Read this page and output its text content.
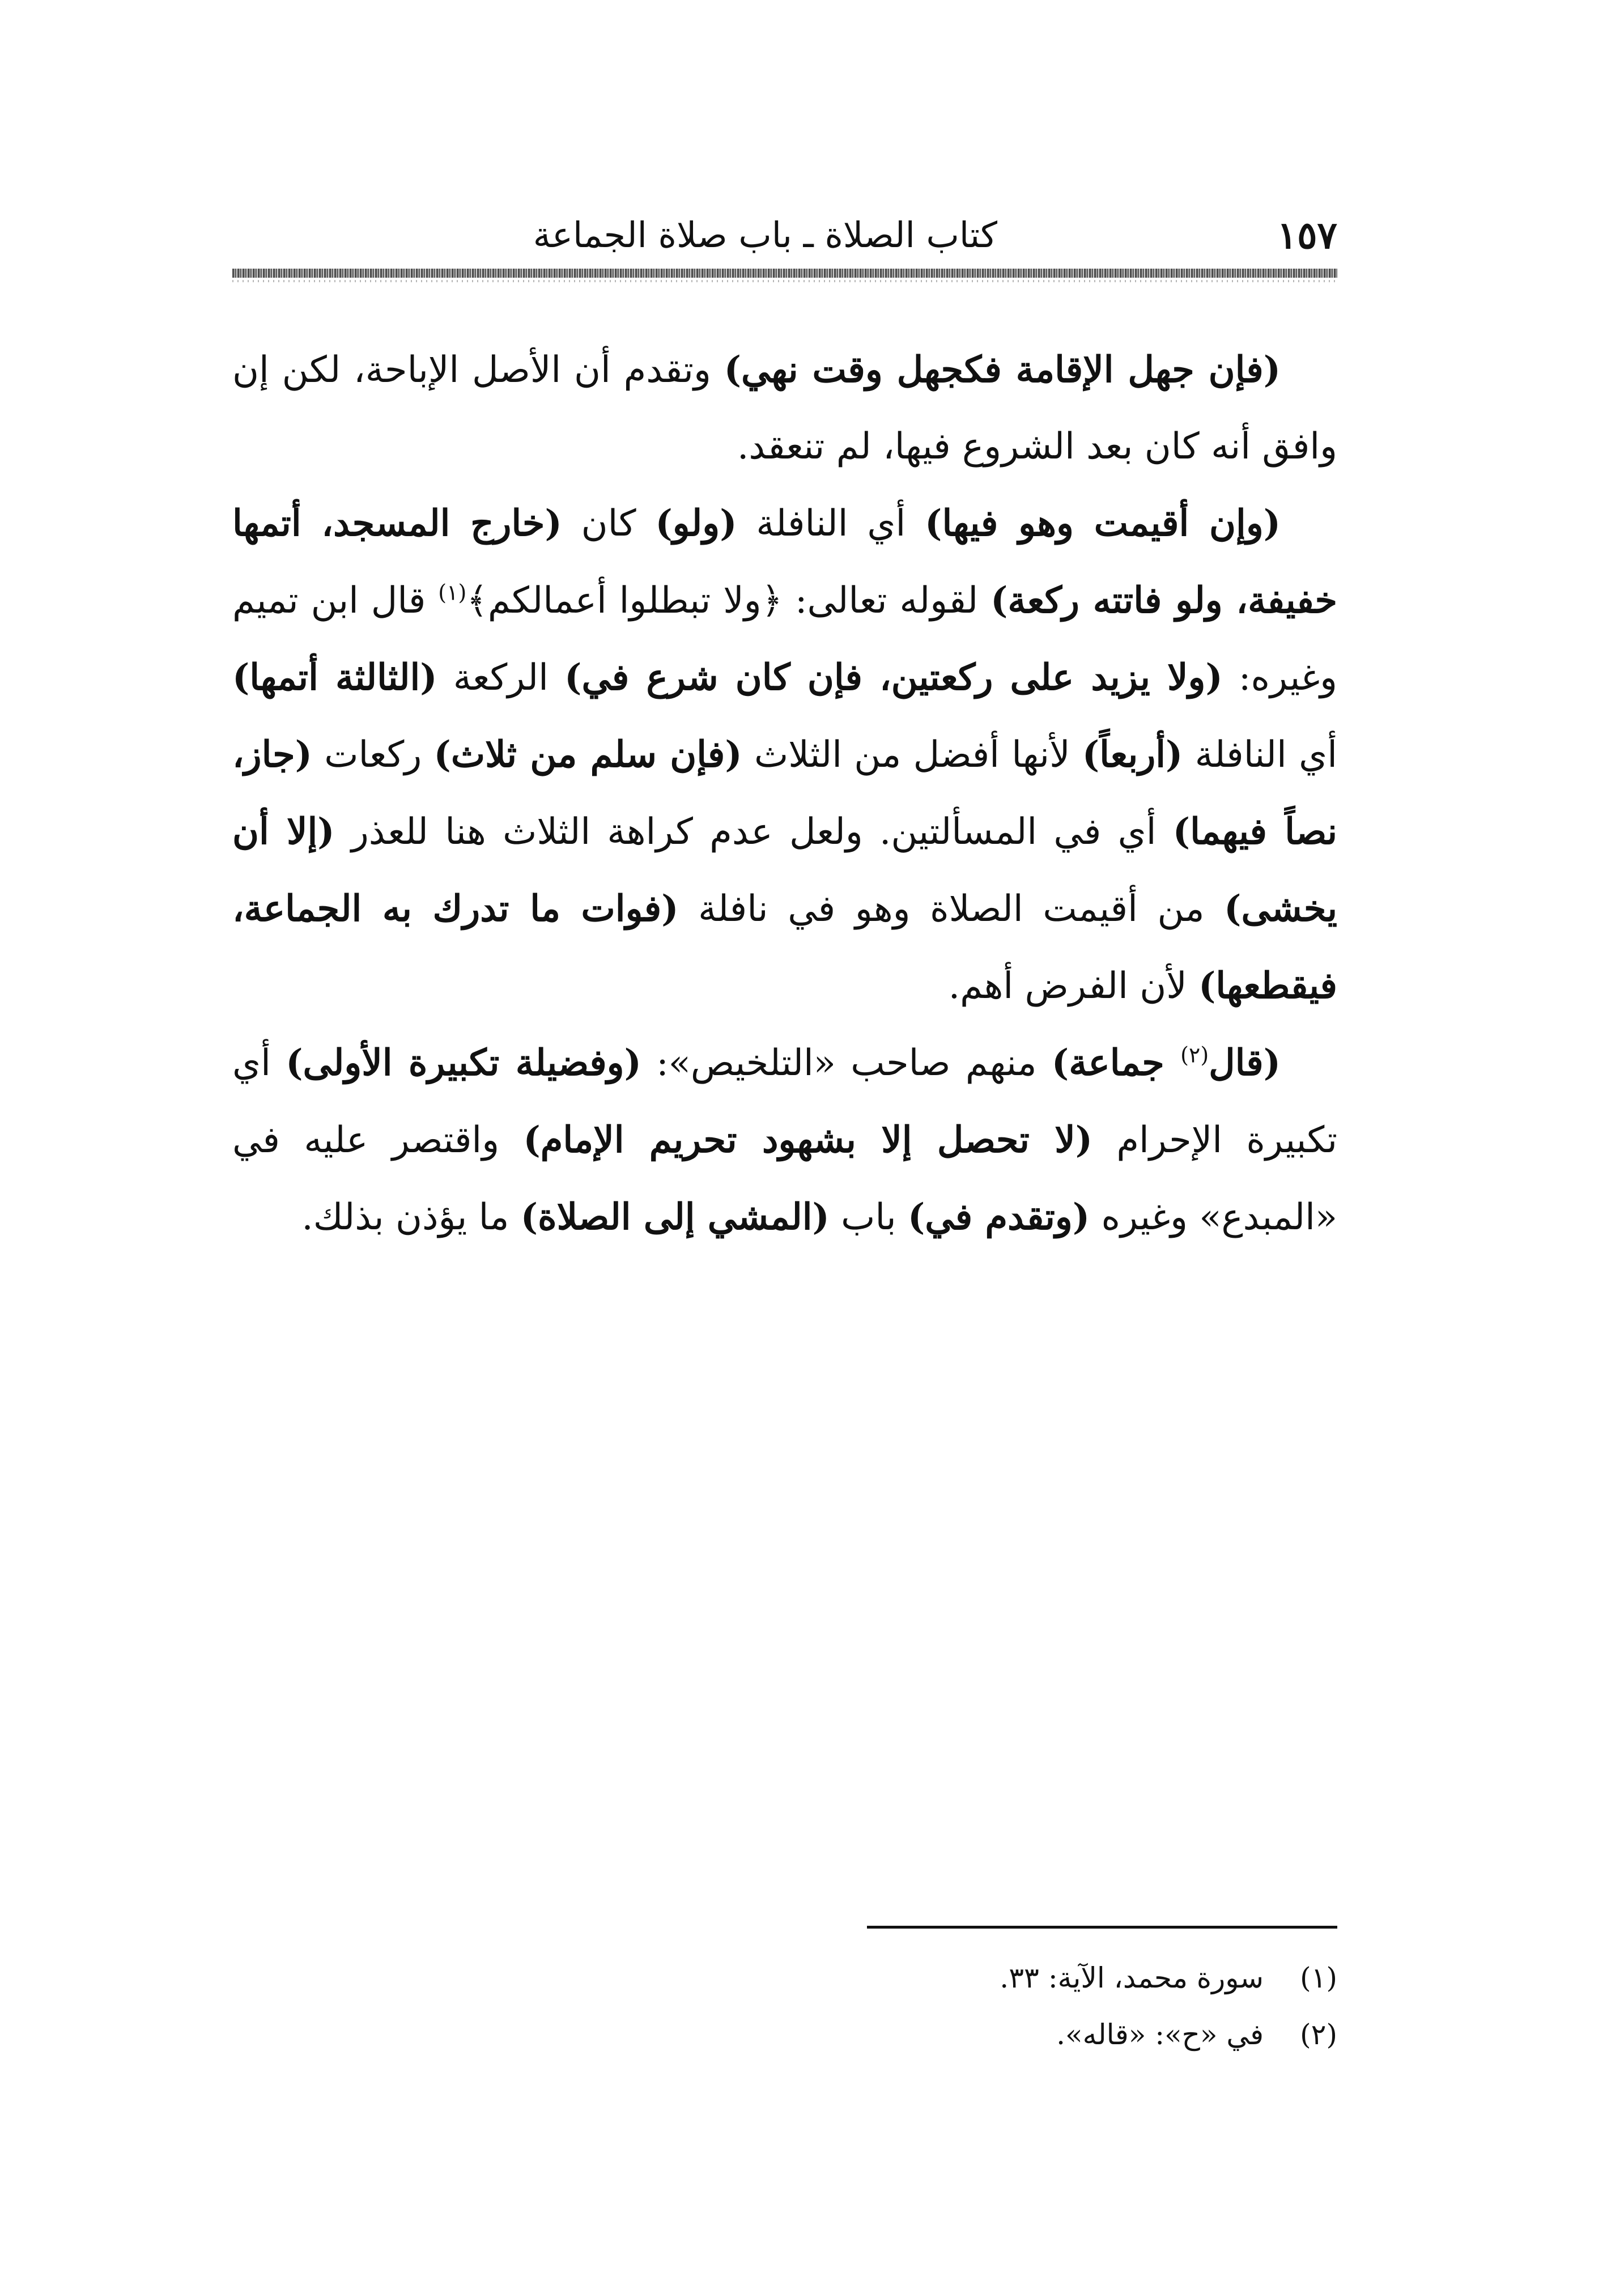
كتاب الصلاة ـ باب صلاة الجماعة	١٥٧

(فإن جهل الإقامة فكجهل وقت نهي) وتقدم أن الأصل الإباحة، لكن إن وافق أنه كان بعد الشروع فيها، لم تنعقد.

(وإن أقيمت وهو فيها) أي النافلة (ولو) كان (خارج المسجد، أتمها خفيفة، ولو فاتته ركعة) لقوله تعالى: ﴿ولا تبطلوا أعمالكم﴾$^{(١)}$ قال ابن تميم وغيره: (ولا يزيد على ركعتين، فإن كان شرع في) الركعة (الثالثة أتمها) أي النافلة (أربعاً) لأنها أفضل من الثلاث (فإن سلم من ثلاث) ركعات (جاز، نصاً فيهما) أي في المسألتين. ولعل عدم كراهة الثلاث هنا للعذر (إلا أن يخشى) من أقيمت الصلاة وهو في نافلة (فوات ما تدرك به الجماعة، فيقطعها) لأن الفرض أهم.

(قال$^{(٢)}$ جماعة) منهم صاحب «التلخيص»: (وفضيلة تكبيرة الأولى) أي تكبيرة الإحرام (لا تحصل إلا بشهود تحريم الإمام) واقتصر عليه في «المبدع» وغيره (وتقدم في) باب (المشي إلى الصلاة) ما يؤذن بذلك.

(١)سورة محمد، الآية: ٣٣.
(٢)في «ح»: «قاله».
